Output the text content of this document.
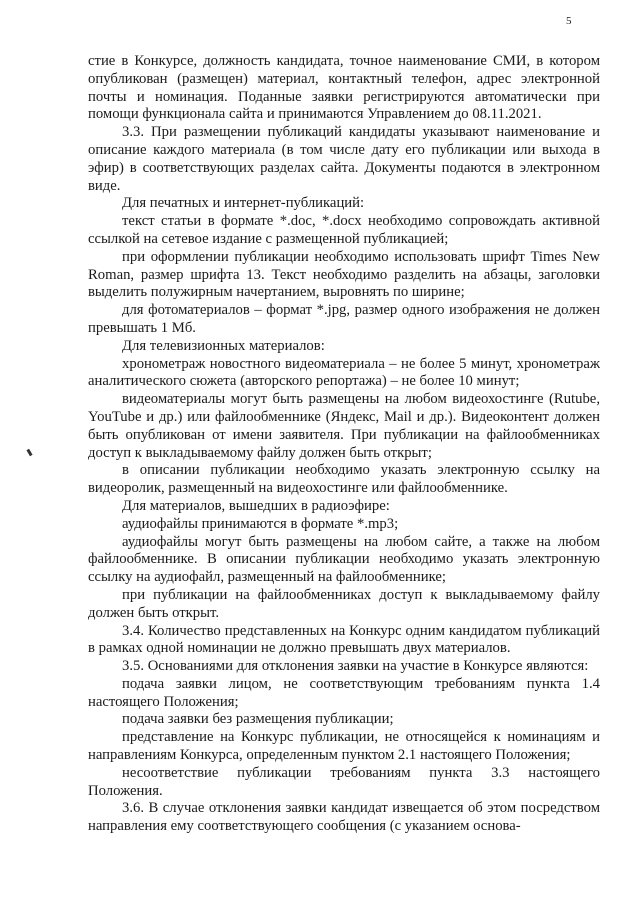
5

стие в Конкурсе, должность кандидата, точное наименование СМИ, в котором опубликован (размещен) материал, контактный телефон, адрес электронной почты и номинация. Поданные заявки регистрируются автоматически при помощи функционала сайта и принимаются Управлением до 08.11.2021.

3.3. При размещении публикаций кандидаты указывают наименование и описание каждого материала (в том числе дату его публикации или выхода в эфир) в соответствующих разделах сайта. Документы подаются в электронном виде.

Для печатных и интернет-публикаций:

текст статьи в формате *.doc, *.docx необходимо сопровождать активной ссылкой на сетевое издание с размещенной публикацией;

при оформлении публикации необходимо использовать шрифт Times New Roman, размер шрифта 13. Текст необходимо разделить на абзацы, заголовки выделить полужирным начертанием, выровнять по ширине;

для фотоматериалов – формат *.jpg, размер одного изображения не должен превышать 1 Мб.

Для телевизионных материалов:

хронометраж новостного видеоматериала – не более 5 минут, хронометраж аналитического сюжета (авторского репортажа) – не более 10 минут;

видеоматериалы могут быть размещены на любом видеохостинге (Rutube, YouTube и др.) или файлообменнике (Яндекс, Mail и др.). Видеоконтент должен быть опубликован от имени заявителя. При публикации на файлообменниках доступ к выкладываемому файлу должен быть открыт;

в описании публикации необходимо указать электронную ссылку на видеоролик, размещенный на видеохостинге или файлообменнике.

Для материалов, вышедших в радиоэфире:

аудиофайлы принимаются в формате *.mp3;

аудиофайлы могут быть размещены на любом сайте, а также на любом файлообменнике. В описании публикации необходимо указать электронную ссылку на аудиофайл, размещенный на файлообменнике;

при публикации на файлообменниках доступ к выкладываемому файлу должен быть открыт.

3.4. Количество представленных на Конкурс одним кандидатом публикаций в рамках одной номинации не должно превышать двух материалов.

3.5. Основаниями для отклонения заявки на участие в Конкурсе являются:

подача заявки лицом, не соответствующим требованиям пункта 1.4 настоящего Положения;

подача заявки без размещения публикации;

представление на Конкурс публикации, не относящейся к номинациям и направлениям Конкурса, определенным пунктом 2.1 настоящего Положения;

несоответствие публикации требованиям пункта 3.3 настоящего Положения.

3.6. В случае отклонения заявки кандидат извещается об этом посредством направления ему соответствующего сообщения (с указанием основа-
